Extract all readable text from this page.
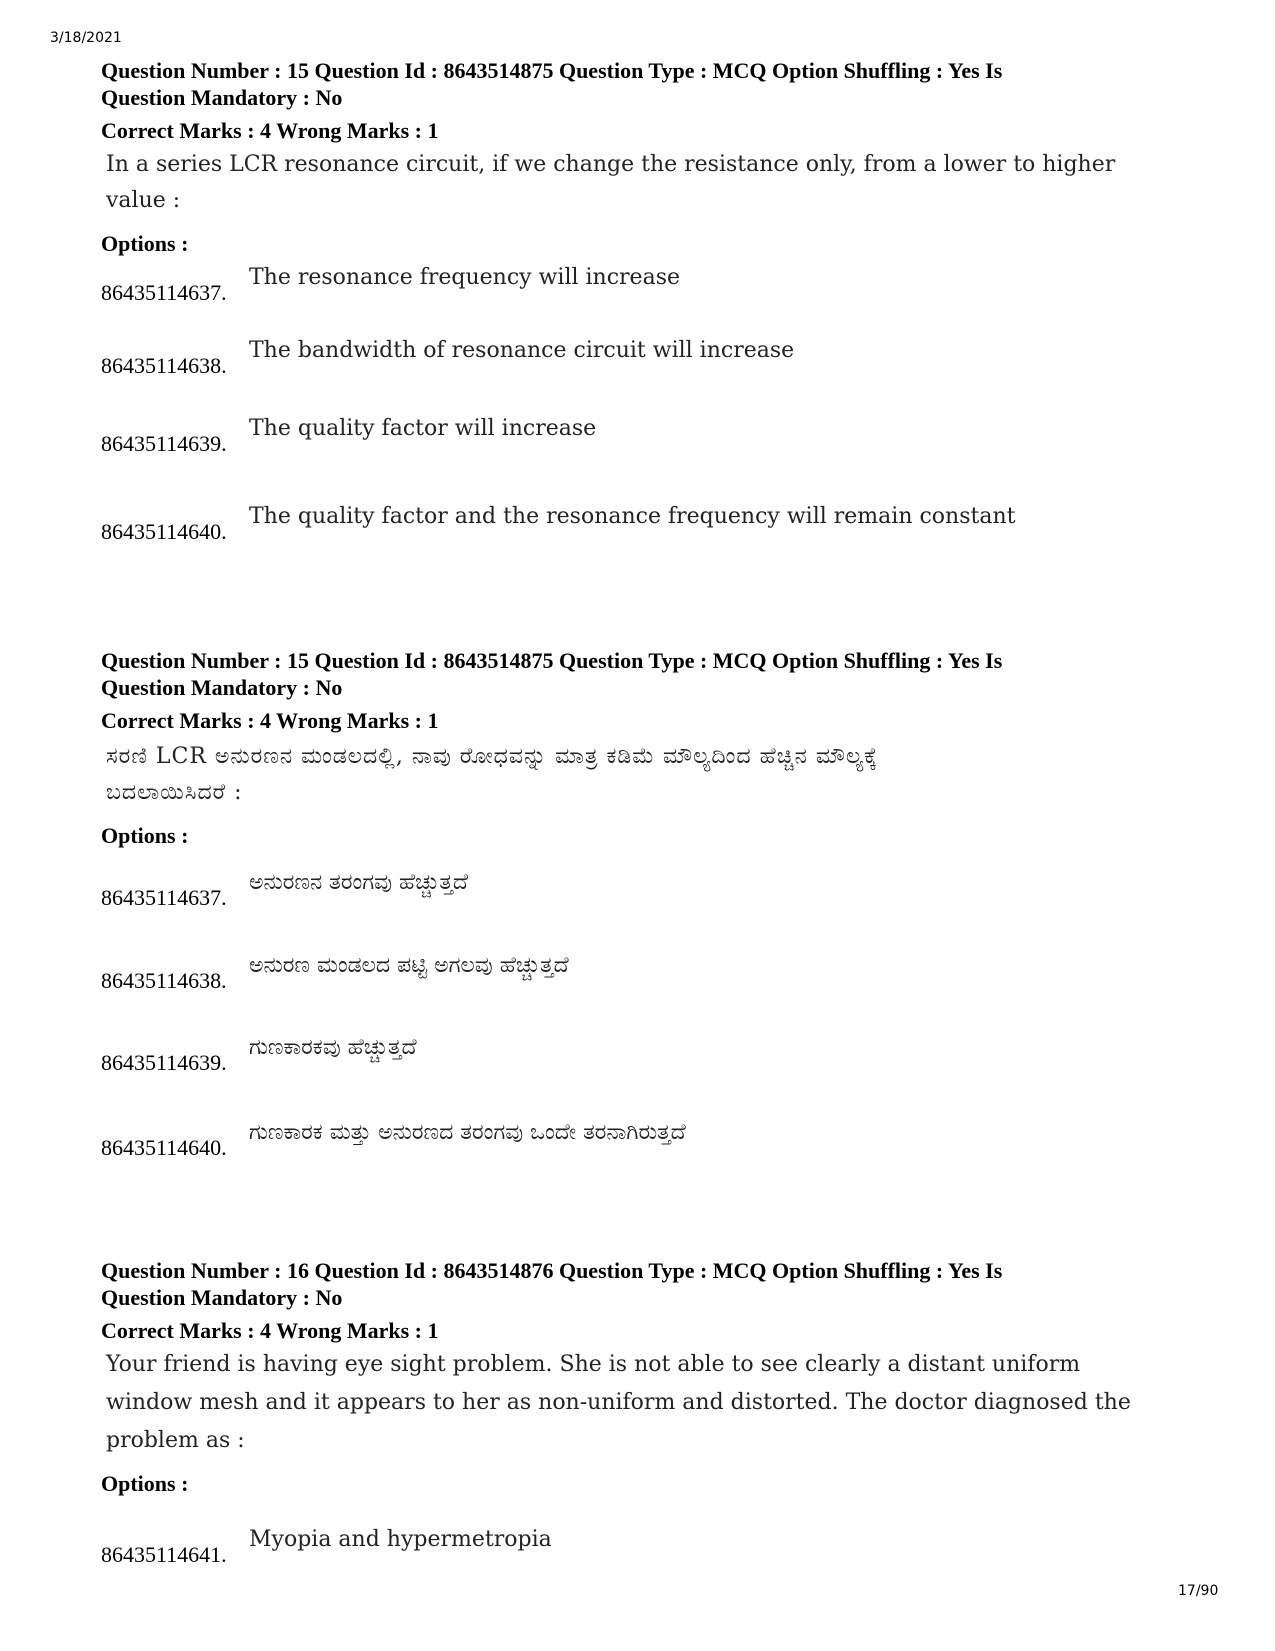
3/18/2021
Question Number : 15 Question Id : 8643514875 Question Type : MCQ Option Shuffling : Yes Is
Question Mandatory : No
Correct Marks : 4 Wrong Marks : 1
In a series LCR resonance circuit, if we change the resistance only, from a lower to higher
value :
Options :
86435114637.
The resonance frequency will increase
86435114638.
The bandwidth of resonance circuit will increase
86435114639.
The quality factor will increase
86435114640.
The quality factor and the resonance frequency will remain constant
Question Number : 15 Question Id : 8643514875 Question Type : MCQ Option Shuffling : Yes Is
Question Mandatory : No
Correct Marks : 4 Wrong Marks : 1
ಸರಣಿ LCR ಅನುರಣನ ಮಂಡಲದಲ್ಲಿ, ನಾವು ರೋಧವನ್ನು ಮಾತ್ರ ಕಡಿಮೆ ಮೌಲ್ಯದಿಂದ ಹೆಚ್ಚಿನ ಮೌಲ್ಯಕ್ಕೆ
ಬದಲಾಯಿಸಿದರೆ :
Options :
86435114637.
ಅನುರಣನ ತರಂಗವು ಹೆಚ್ಚುತ್ತದೆ
86435114638.
ಅನುರಣ ಮಂಡಲದ ಪಟ್ಟಿ ಅಗಲವು ಹೆಚ್ಚುತ್ತದೆ
86435114639.
ಗುಣಕಾರಕವು ಹೆಚ್ಚುತ್ತದೆ
86435114640.
ಗುಣಕಾರಕ ಮತ್ತು ಅನುರಣದ ತರಂಗವು ಒಂದೇ ತರನಾಗಿರುತ್ತದೆ
Question Number : 16 Question Id : 8643514876 Question Type : MCQ Option Shuffling : Yes Is
Question Mandatory : No
Correct Marks : 4 Wrong Marks : 1
Your friend is having eye sight problem. She is not able to see clearly a distant uniform
window mesh and it appears to her as non-uniform and distorted. The doctor diagnosed the
problem as :
Options :
86435114641.
Myopia and hypermetropia
17/90
